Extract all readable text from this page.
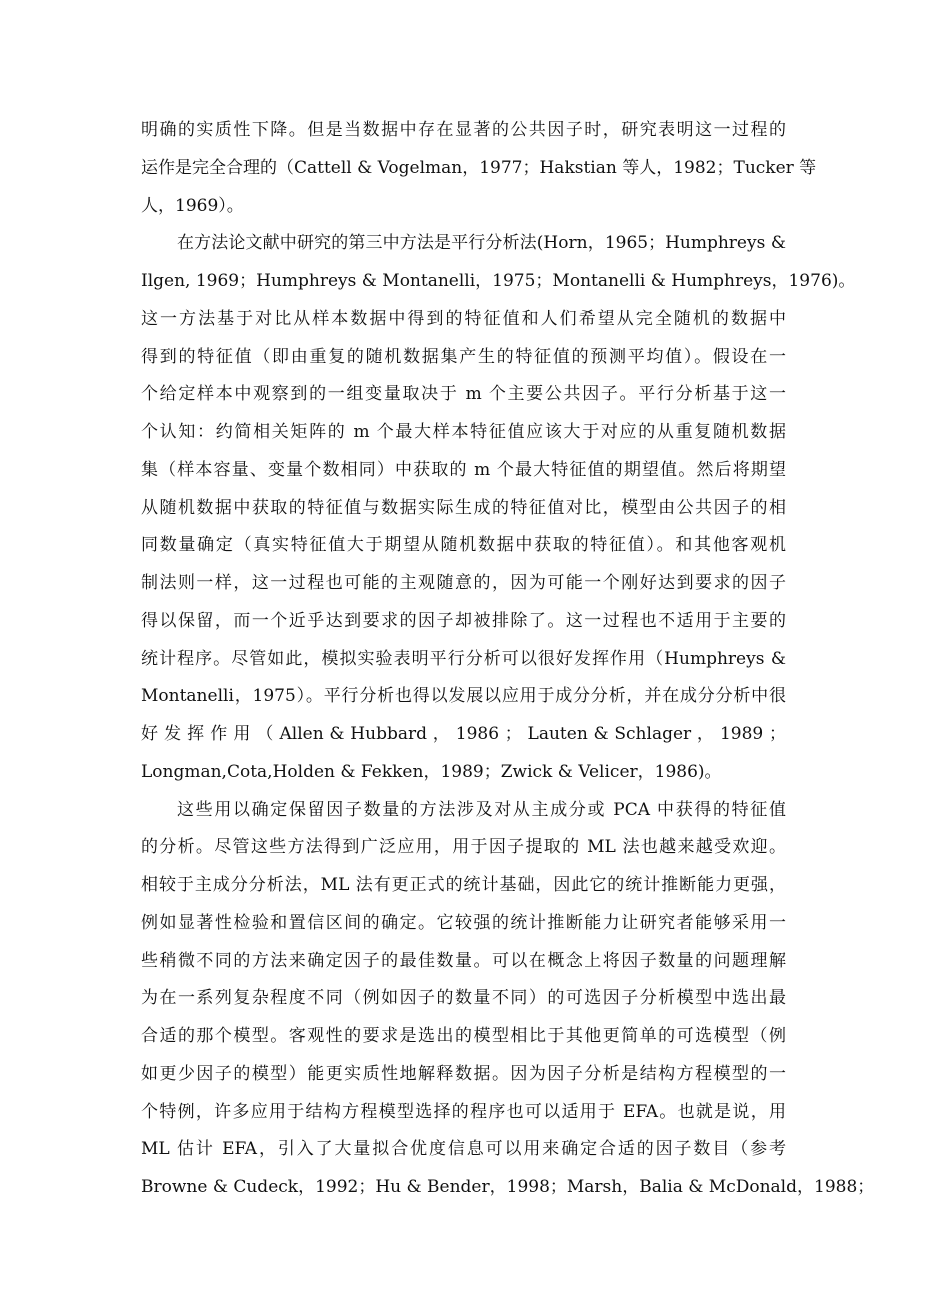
明确的实质性下降。但是当数据中存在显著的公共因子时，研究表明这一过程的
运作是完全合理的（Cattell & Vogelman，1977；Hakstian 等人，1982；Tucker 等
人，1969）。
在方法论文献中研究的第三中方法是平行分析法(Horn，1965；Humphreys &
Ilgen, 1969；Humphreys & Montanelli，1975；Montanelli & Humphreys，1976)。
这一方法基于对比从样本数据中得到的特征值和人们希望从完全随机的数据中
得到的特征值（即由重复的随机数据集产生的特征值的预测平均值）。假设在一
个给定样本中观察到的一组变量取决于 m 个主要公共因子。平行分析基于这一
个认知：约简相关矩阵的 m 个最大样本特征值应该大于对应的从重复随机数据
集（样本容量、变量个数相同）中获取的 m 个最大特征值的期望值。然后将期望
从随机数据中获取的特征值与数据实际生成的特征值对比，模型由公共因子的相
同数量确定（真实特征值大于期望从随机数据中获取的特征值）。和其他客观机
制法则一样，这一过程也可能的主观随意的，因为可能一个刚好达到要求的因子
得以保留，而一个近乎达到要求的因子却被排除了。这一过程也不适用于主要的
统计程序。尽管如此，模拟实验表明平行分析可以很好发挥作用（Humphreys &
Montanelli，1975）。平行分析也得以发展以应用于成分分析，并在成分分析中很
好 发 挥 作 用 （ Allen & Hubbard ， 1986 ； Lauten & Schlager ， 1989 ；
Longman,Cota,Holden & Fekken，1989；Zwick & Velicer，1986)。
这些用以确定保留因子数量的方法涉及对从主成分或 PCA 中获得的特征值
的分析。尽管这些方法得到广泛应用，用于因子提取的 ML 法也越来越受欢迎。
相较于主成分分析法，ML 法有更正式的统计基础，因此它的统计推断能力更强，
例如显著性检验和置信区间的确定。它较强的统计推断能力让研究者能够采用一
些稍微不同的方法来确定因子的最佳数量。可以在概念上将因子数量的问题理解
为在一系列复杂程度不同（例如因子的数量不同）的可选因子分析模型中选出最
合适的那个模型。客观性的要求是选出的模型相比于其他更简单的可选模型（例
如更少因子的模型）能更实质性地解释数据。因为因子分析是结构方程模型的一
个特例，许多应用于结构方程模型选择的程序也可以适用于 EFA。也就是说，用
ML 估计 EFA，引入了大量拟合优度信息可以用来确定合适的因子数目（参考
Browne & Cudeck，1992；Hu & Bender，1998；Marsh，Balia & McDonald，1988；
